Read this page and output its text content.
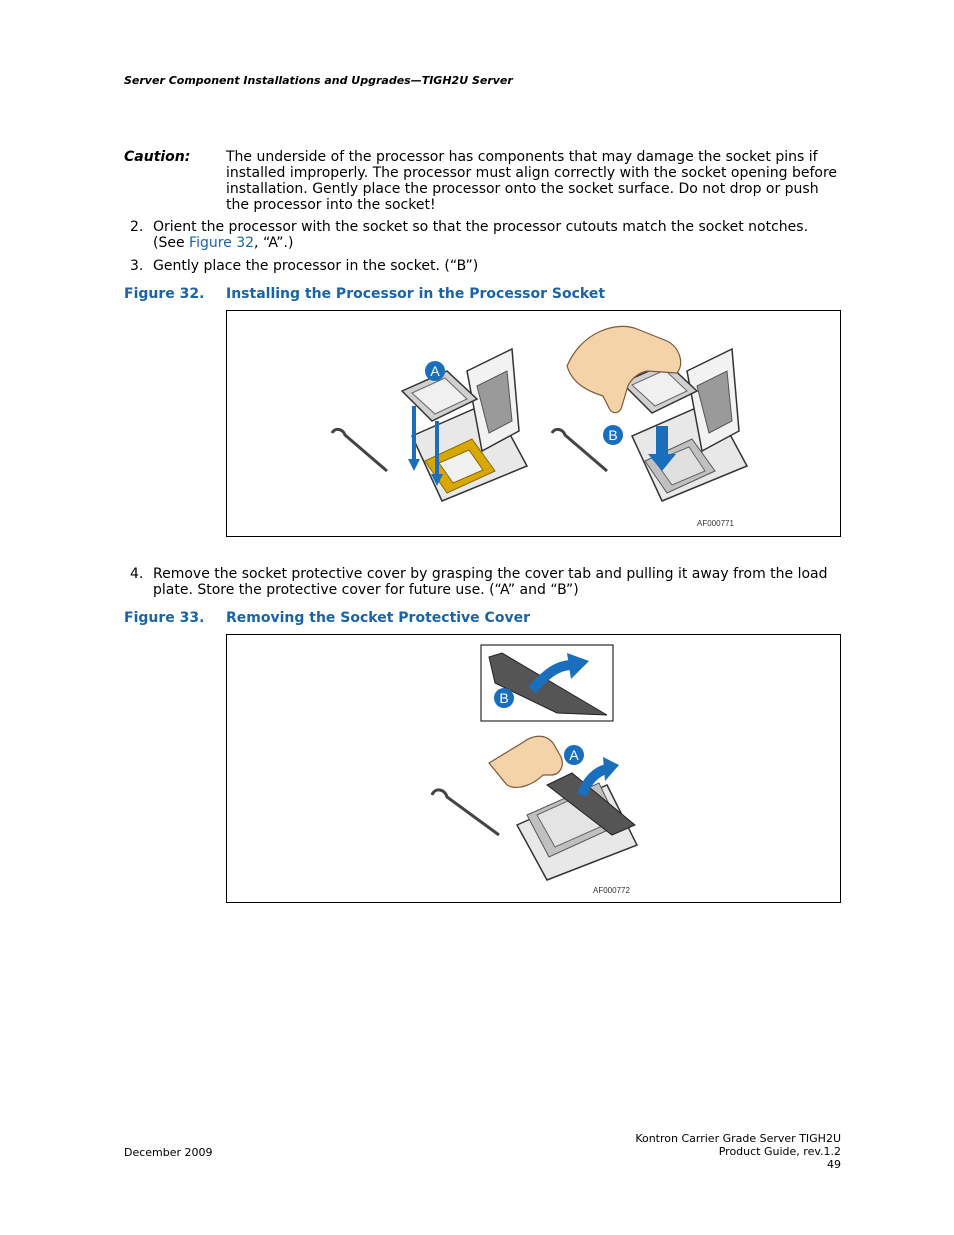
Server Component Installations and Upgrades—TIGH2U Server
Caution:	The underside of the processor has components that may damage the socket pins if
installed improperly. The processor must align correctly with the socket opening before
installation. Gently place the processor onto the socket surface. Do not drop or push
the processor into the socket!
2. Orient the processor with the socket so that the processor cutouts match the socket notches.
(See Figure 32, “A”.)
3. Gently place the processor in the socket. (“B”)
Figure 32. Installing the Processor in the Processor Socket
A
B
AF000771
4. Remove the socket protective cover by grasping the cover tab and pulling it away from the load
plate. Store the protective cover for future use. (“A” and “B”)
Figure 33. Removing the Socket Protective Cover
B
A
AF000772
December 2009
Kontron Carrier Grade Server TIGH2U
Product Guide, rev.1.2
49
